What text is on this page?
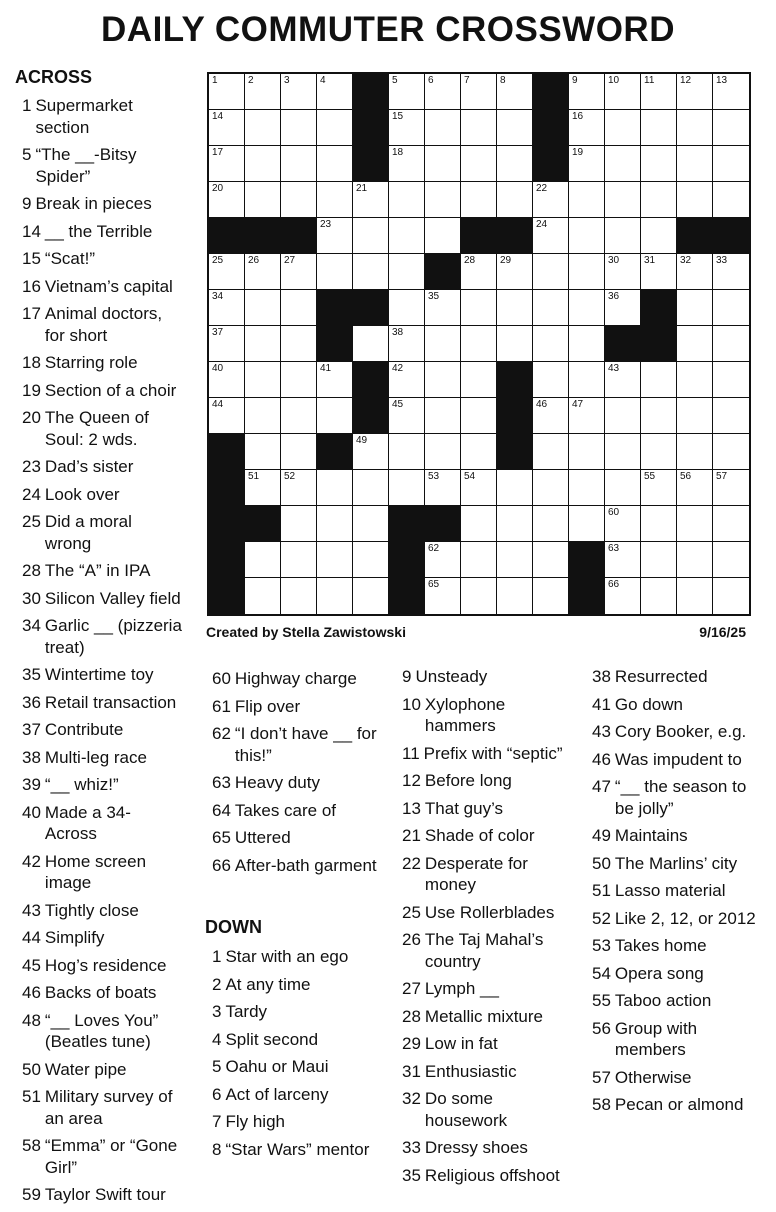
DAILY COMMUTER CROSSWORD
ACROSS
1 Supermarket section
5 “The __-Bitsy Spider”
9 Break in pieces
14 __ the Terrible
15 “Scat!”
16 Vietnam’s capital
17 Animal doctors, for short
18 Starring role
19 Section of a choir
20 The Queen of Soul: 2 wds.
23 Dad’s sister
24 Look over
25 Did a moral wrong
28 The “A” in IPA
30 Silicon Valley field
34 Garlic __ (pizzeria treat)
35 Wintertime toy
36 Retail transaction
37 Contribute
38 Multi-leg race
39 “__ whiz!”
40 Made a 34-Across
42 Home screen image
43 Tightly close
44 Simplify
45 Hog’s residence
46 Backs of boats
48 “__ Loves You” (Beatles tune)
50 Water pipe
51 Military survey of an area
58 “Emma” or “Gone Girl”
59 Taylor Swift tour
60 Highway charge
61 Flip over
62 “I don’t have __ for this!”
63 Heavy duty
64 Takes care of
65 Uttered
66 After-bath garment
DOWN
1 Star with an ego
2 At any time
3 Tardy
4 Split second
5 Oahu or Maui
6 Act of larceny
7 Fly high
8 “Star Wars” mentor
9 Unsteady
10 Xylophone hammers
11 Prefix with “septic”
12 Before long
13 That guy’s
21 Shade of color
22 Desperate for money
25 Use Rollerblades
26 The Taj Mahal’s country
27 Lymph __
28 Metallic mixture
29 Low in fat
31 Enthusiastic
32 Do some housework
33 Dressy shoes
35 Religious offshoot
38 Resurrected
41 Go down
43 Cory Booker, e.g.
46 Was impudent to
47 “__ the season to be jolly”
49 Maintains
50 The Marlins’ city
51 Lasso material
52 Like 2, 12, or 2012
53 Takes home
54 Opera song
55 Taboo action
56 Group with members
57 Otherwise
58 Pecan or almond
1	2	3	4	5	6	7	8	9	10 11	12 13
14	15	16
17	18	19
20	21	22
23	24
25 26 27	28 29	30 31 32 33
34	35	36
37	38
40	41	42	43
44	45	46 47
49
51 52	53 54	55 56 57
60
62	63
65	66
Created by Stella Zawistowski	9/16/25
